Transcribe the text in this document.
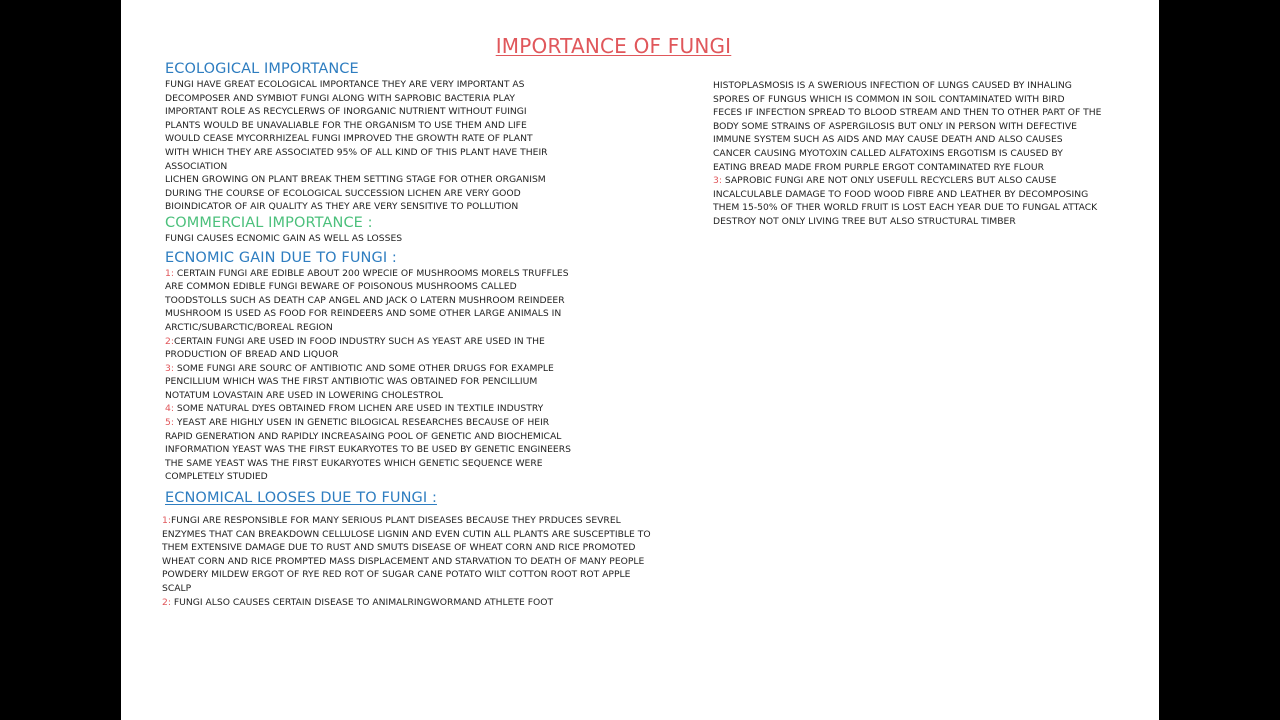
IMPORTANCE OF FUNGI
ECOLOGICAL IMPORTANCE
FUNGI HAVE GREAT ECOLOGICAL IMPORTANCE THEY ARE VERY IMPORTANT AS
DECOMPOSER AND SYMBIOT FUNGI ALONG WITH SAPROBIC BACTERIA PLAY
IMPORTANT ROLE AS RECYCLERWS OF INORGANIC NUTRIENT WITHOUT FUINGI
PLANTS WOULD BE UNAVALIABLE FOR THE ORGANISM TO USE THEM AND LIFE
WOULD CEASE MYCORRHIZEAL FUNGI IMPROVED THE GROWTH RATE OF PLANT
WITH WHICH THEY ARE ASSOCIATED 95% OF ALL KIND OF THIS PLANT HAVE THEIR
ASSOCIATION
LICHEN GROWING ON PLANT BREAK THEM SETTING STAGE FOR OTHER ORGANISM
DURING THE COURSE OF ECOLOGICAL SUCCESSION LICHEN ARE VERY GOOD
BIOINDICATOR OF AIR QUALITY AS THEY ARE VERY SENSITIVE TO POLLUTION
COMMERCIAL IMPORTANCE :
FUNGI CAUSES ECNOMIC GAIN AS WELL AS LOSSES
ECNOMIC GAIN DUE TO FUNGI :
1: CERTAIN FUNGI ARE EDIBLE ABOUT 200 WPECIE OF MUSHROOMS MORELS TRUFFLES
ARE COMMON EDIBLE FUNGI BEWARE OF POISONOUS MUSHROOMS CALLED
TOODSTOLLS SUCH AS DEATH CAP ANGEL AND JACK O LATERN MUSHROOM REINDEER
MUSHROOM IS USED AS FOOD FOR REINDEERS AND SOME OTHER LARGE ANIMALS IN
ARCTIC/SUBARCTIC/BOREAL REGION
2:CERTAIN FUNGI ARE USED IN FOOD INDUSTRY SUCH AS YEAST ARE USED IN THE
PRODUCTION OF BREAD AND LIQUOR
3: SOME FUNGI ARE SOURC OF ANTIBIOTIC AND SOME OTHER DRUGS FOR EXAMPLE
PENCILLIUM WHICH WAS THE FIRST ANTIBIOTIC WAS OBTAINED FOR PENCILLIUM
NOTATUM LOVASTAIN ARE USED IN LOWERING CHOLESTROL
4: SOME NATURAL DYES OBTAINED FROM LICHEN ARE USED IN TEXTILE INDUSTRY
5: YEAST ARE HIGHLY USEN IN GENETIC BILOGICAL RESEARCHES BECAUSE OF HEIR
RAPID GENERATION AND RAPIDLY INCREASAING POOL OF GENETIC AND BIOCHEMICAL
INFORMATION YEAST WAS THE FIRST EUKARYOTES TO BE USED BY GENETIC ENGINEERS
THE SAME YEAST WAS THE FIRST EUKARYOTES WHICH GENETIC SEQUENCE WERE
COMPLETELY STUDIED
ECNOMICAL LOOSES DUE TO FUNGI :
1:FUNGI ARE RESPONSIBLE FOR MANY SERIOUS PLANT DISEASES BECAUSE THEY PRDUCES SEVREL
ENZYMES THAT CAN BREAKDOWN CELLULOSE LIGNIN AND EVEN CUTIN ALL PLANTS ARE SUSCEPTIBLE TO
THEM EXTENSIVE DAMAGE DUE TO RUST AND SMUTS DISEASE OF WHEAT CORN AND RICE PROMOTED
WHEAT CORN AND RICE PROMPTED MASS DISPLACEMENT AND STARVATION TO DEATH OF MANY PEOPLE
POWDERY MILDEW ERGOT OF RYE RED ROT OF SUGAR CANE POTATO WILT COTTON ROOT ROT APPLE
SCALP
2: FUNGI ALSO CAUSES CERTAIN DISEASE TO ANIMALRINGWORMAND ATHLETE FOOT
HISTOPLASMOSIS IS A SWERIOUS INFECTION OF LUNGS CAUSED BY INHALING
SPORES OF FUNGUS WHICH IS COMMON IN SOIL CONTAMINATED WITH BIRD
FECES IF INFECTION SPREAD TO BLOOD STREAM AND THEN TO OTHER PART OF THE
BODY SOME STRAINS OF ASPERGILOSIS BUT ONLY IN PERSON WITH DEFECTIVE
IMMUNE SYSTEM SUCH AS AIDS AND MAY CAUSE DEATH AND ALSO CAUSES
CANCER CAUSING MYOTOXIN CALLED ALFATOXINS ERGOTISM IS CAUSED BY
EATING BREAD MADE FROM PURPLE ERGOT CONTAMINATED RYE FLOUR
3: SAPROBIC FUNGI ARE NOT ONLY USEFULL RECYCLERS BUT ALSO CAUSE
INCALCULABLE DAMAGE TO FOOD WOOD FIBRE AND LEATHER BY DECOMPOSING
THEM 15-50% OF THER WORLD FRUIT IS LOST EACH YEAR DUE TO FUNGAL ATTACK
DESTROY NOT ONLY LIVING TREE BUT ALSO STRUCTURAL TIMBER
